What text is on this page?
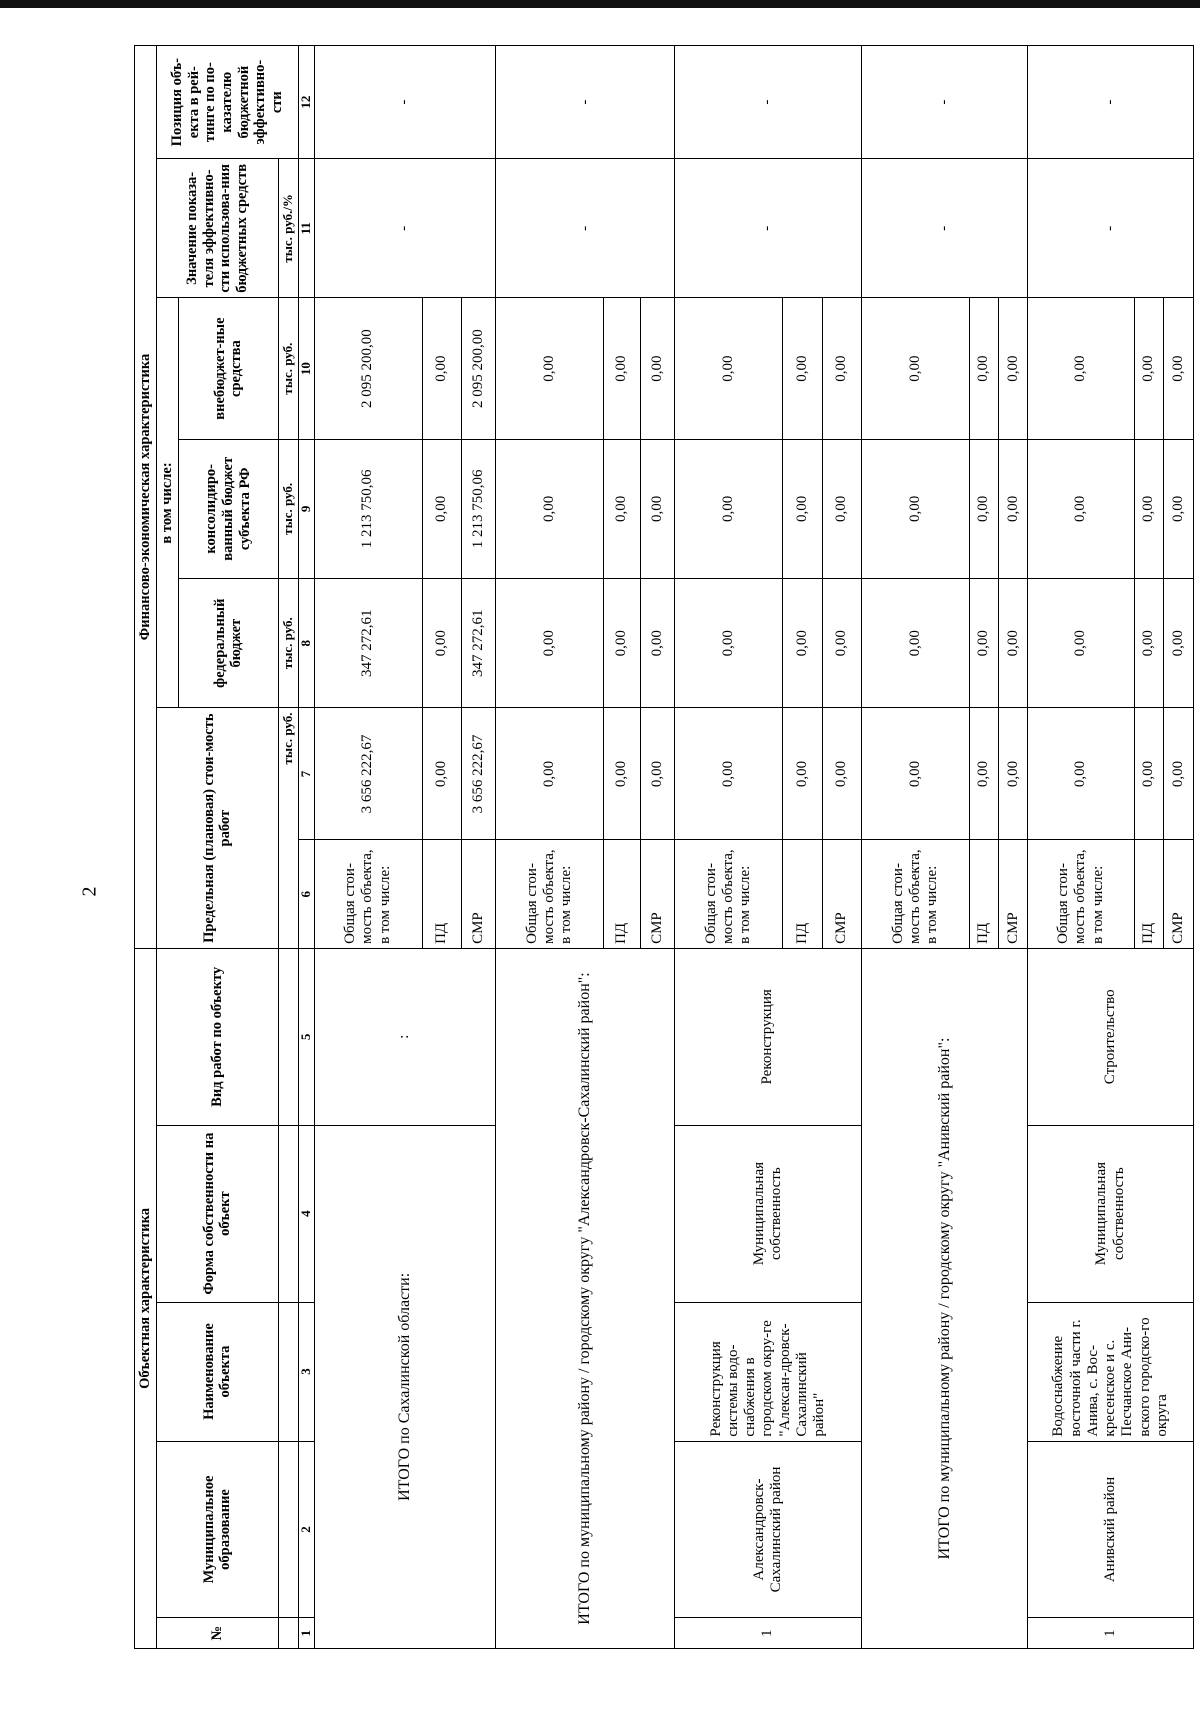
2
Объектная характеристика					Финансово-экономическая характеристика						
№	Муниципальное образование	Наименование объекта	Форма собственности на объект	Вид работ по объекту	Предельная (плановая) стои-мость работ		в том числе:			Значение показа-теля эффективно-сти использова-ния бюджетных средств	Позиция объ-екта в рей-тинге по по-казателю бюджетной эффективно-сти
							федеральный бюджет	консолидиро-ванный бюджет субъекта РФ	внебюджет-ные средства		
					тыс. руб.		тыс. руб.	тыс. руб.	тыс. руб.	тыс. руб./%	
1	2	3	4	5	6	7	8	9	10	11	12
ИТОГО по Сахалинской области:				:	Общая стои-мость объекта, в том числе:	3 656 222,67	347 272,61	1 213 750,06	2 095 200,00	-	-
					ПД	0,00	0,00	0,00	0,00		
					СМР	3 656 222,67	347 272,61	1 213 750,06	2 095 200,00		
ИТОГО по муниципальному району / городскому округу "Александровск-Сахалинский район":					Общая стои-мость объекта, в том числе:	0,00	0,00	0,00	0,00	-	-
					ПД	0,00	0,00	0,00	0,00		
					СМР	0,00	0,00	0,00	0,00		
1	Александровск-Сахалинский район	Реконструкция системы водо-снабжения в городском окру-ге "Алексан-дровск-Сахалинский район"	Муниципальная собственность	Реконструкция	Общая стои-мость объекта, в том числе:	0,00	0,00	0,00	0,00	-	-
					ПД	0,00	0,00	0,00	0,00		
					СМР	0,00	0,00	0,00	0,00		
ИТОГО по муниципальному району / городскому округу "Анивский район":					Общая стои-мость объекта, в том числе:	0,00	0,00	0,00	0,00	-	-
					ПД	0,00	0,00	0,00	0,00		
					СМР	0,00	0,00	0,00	0,00		
1	Анивский район	Водоснабжение восточной части г. Анива, с. Вос-кресенское и с. Песчанское Ани-вского городско-го округа	Муниципальная собственность	Строительство	Общая стои-мость объекта, в том числе:	0,00	0,00	0,00	0,00	-	-
					ПД	0,00	0,00	0,00	0,00		
					СМР	0,00	0,00	0,00	0,00		
